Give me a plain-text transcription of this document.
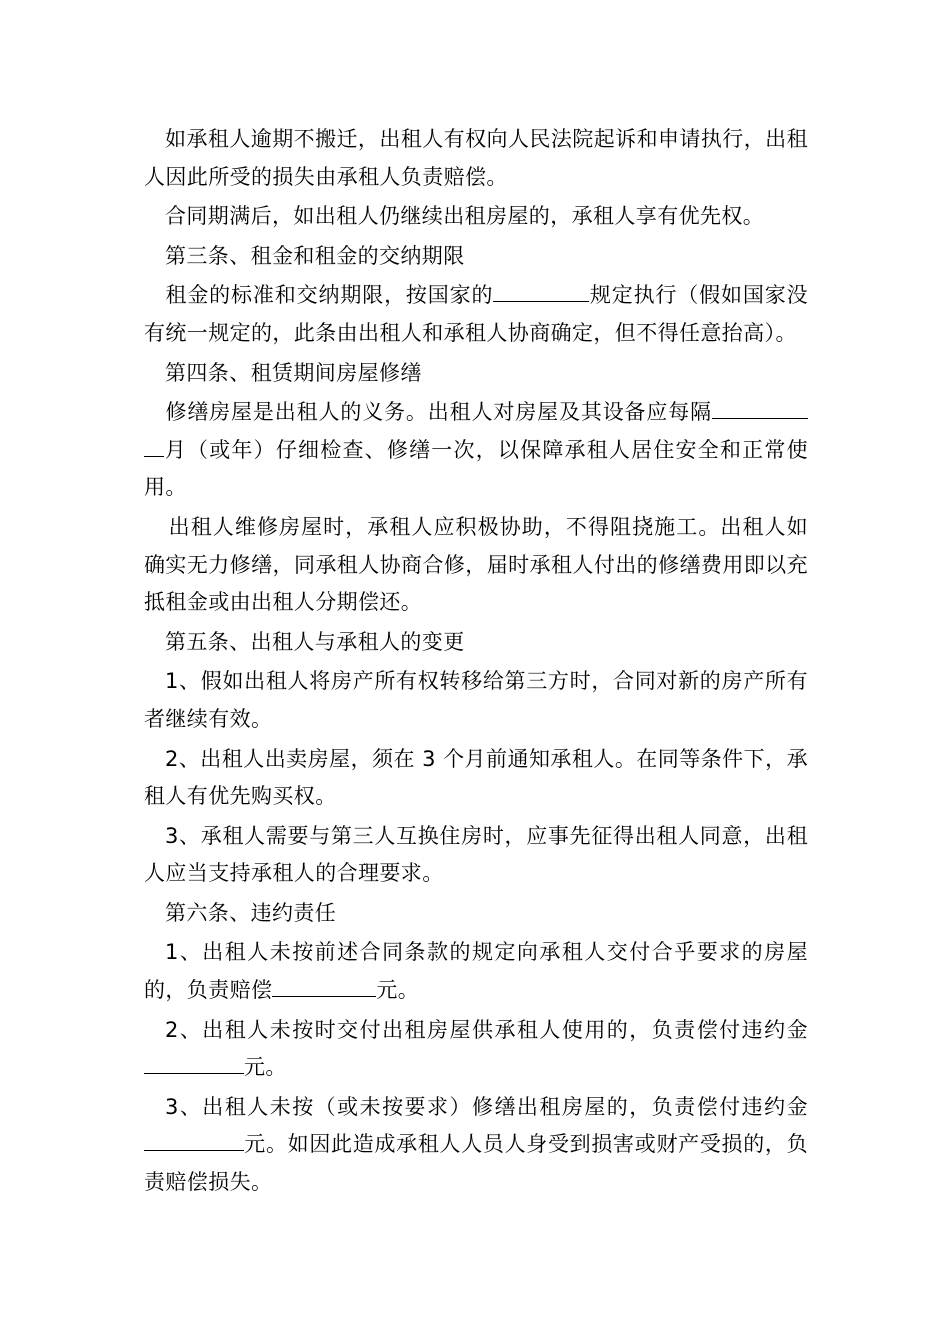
如承租人逾期不搬迁，出租人有权向人民法院起诉和申请执行，出租人因此所受的损失由承租人负责赔偿。

合同期满后，如出租人仍继续出租房屋的，承租人享有优先权。

第三条、租金和租金的交纳期限

租金的标准和交纳期限，按国家的	规定执行（假如国家没有统一规定的，此条由出租人和承租人协商确定，但不得任意抬高）。

第四条、租赁期间房屋修缮

修缮房屋是出租人的义务。出租人对房屋及其设备应每隔月（或年）仔细检查、修缮一次，以保障承租人居住安全和正常使用。

出租人维修房屋时，承租人应积极协助，不得阻挠施工。出租人如确实无力修缮，同承租人协商合修，届时承租人付出的修缮费用即以充抵租金或由出租人分期偿还。

第五条、出租人与承租人的变更

1、假如出租人将房产所有权转移给第三方时，合同对新的房产所有者继续有效。

2、出租人出卖房屋，须在 3 个月前通知承租人。在同等条件下，承租人有优先购买权。

3、承租人需要与第三人互换住房时，应事先征得出租人同意，出租人应当支持承租人的合理要求。

第六条、违约责任

1、出租人未按前述合同条款的规定向承租人交付合乎要求的房屋的，负责赔偿	元。

2、出租人未按时交付出租房屋供承租人使用的，负责偿付违约金元。

3、出租人未按（或未按要求）修缮出租房屋的，负责偿付违约金元。如因此造成承租人人员人身受到损害或财产受损的，负责赔偿损失。
